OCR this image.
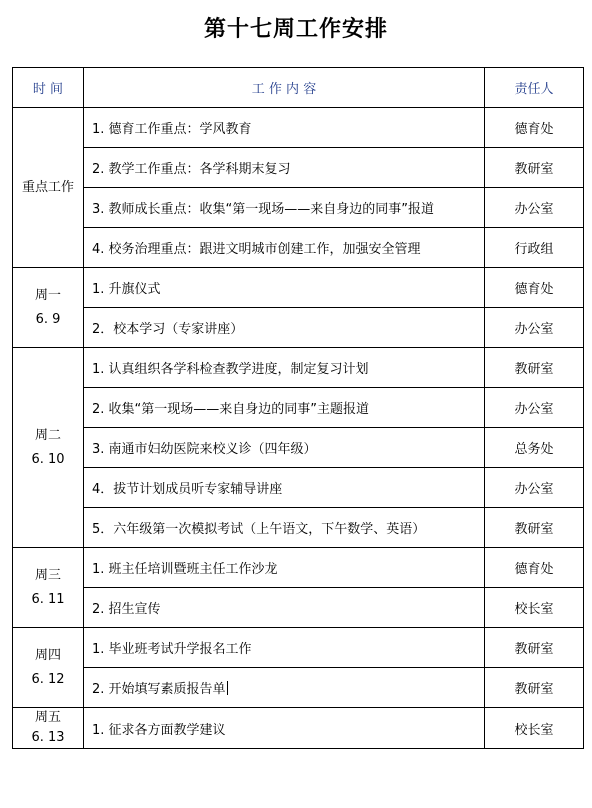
第十七周工作安排
时 间	工 作 内 容	责任人

重点工作	1. 德育工作重点：学风教育	德育处
	2. 教学工作重点：各学科期末复习	教研室
	3. 教师成长重点：收集“第一现场——来自身边的同事”报道	办公室
	4. 校务治理重点：跟进文明城市创建工作，加强安全管理	行政组

周一
6. 9	1. 升旗仪式	德育处
	2．校本学习（专家讲座）	办公室

周二
6. 10	1. 认真组织各学科检查教学进度，制定复习计划	教研室
	2. 收集“第一现场——来自身边的同事”主题报道	办公室
	3. 南通市妇幼医院来校义诊（四年级）	总务处
	4．拔节计划成员听专家辅导讲座	办公室
	5．六年级第一次模拟考试（上午语文，下午数学、英语）	教研室

周三
6. 11	1. 班主任培训暨班主任工作沙龙	德育处
	2. 招生宣传	校长室

周四
6. 12	1. 毕业班考试升学报名工作	教研室
	2. 开始填写素质报告单	教研室

周五
6. 13	1. 征求各方面教学建议	校长室
